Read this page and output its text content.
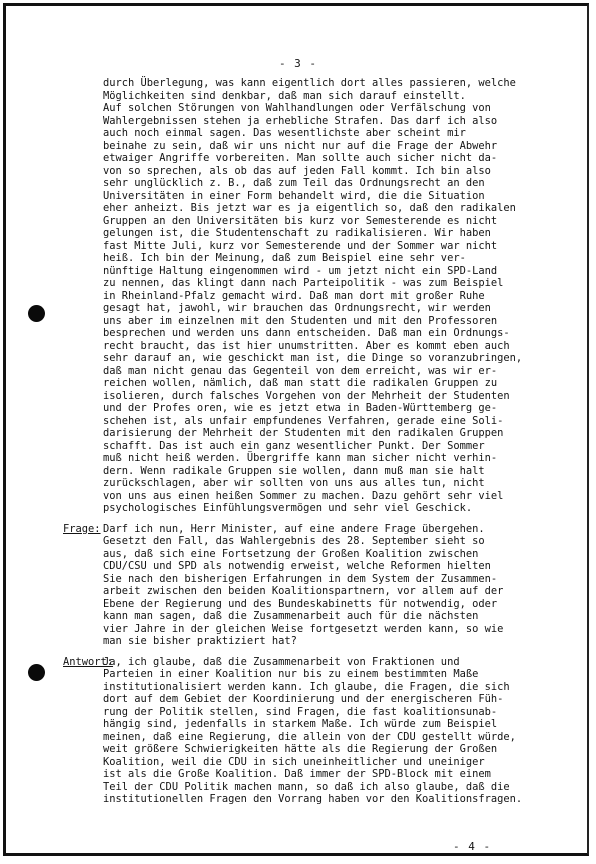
- 3 -
durch Überlegung, was kann eigentlich dort alles passieren, welche
Möglichkeiten sind denkbar, daß man sich darauf einstellt.
Auf solchen Störungen von Wahlhandlungen oder Verfälschung von
Wahlergebnissen stehen ja erhebliche Strafen. Das darf ich also
auch noch einmal sagen. Das wesentlichste aber scheint mir
beinahe zu sein, daß wir uns nicht nur auf die Frage der Abwehr
etwaiger Angriffe vorbereiten. Man sollte auch sicher nicht da-
von so sprechen, als ob das auf jeden Fall kommt. Ich bin also
sehr unglücklich z. B., daß zum Teil das Ordnungsrecht an den
Universitäten in einer Form behandelt wird, die die Situation
eher anheizt. Bis jetzt war es ja eigentlich so, daß den radikalen
Gruppen an den Universitäten bis kurz vor Semesterende es nicht
gelungen ist, die Studentenschaft zu radikalisieren. Wir haben
fast Mitte Juli, kurz vor Semesterende und der Sommer war nicht
heiß. Ich bin der Meinung, daß zum Beispiel eine sehr ver-
nünftige Haltung eingenommen wird - um jetzt nicht ein SPD-Land
zu nennen, das klingt dann nach Parteipolitik - was zum Beispiel
in Rheinland-Pfalz gemacht wird. Daß man dort mit großer Ruhe
gesagt hat, jawohl, wir brauchen das Ordnungsrecht, wir werden
uns aber im einzelnen mit den Studenten und mit den Professoren
besprechen und werden uns dann entscheiden. Daß man ein Ordnungs-
recht braucht, das ist hier unumstritten. Aber es kommt eben auch
sehr darauf an, wie geschickt man ist, die Dinge so voranzubringen,
daß man nicht genau das Gegenteil von dem erreicht, was wir er-
reichen wollen, nämlich, daß man statt die radikalen Gruppen zu
isolieren, durch falsches Vorgehen von der Mehrheit der Studenten
und der Profes oren, wie es jetzt etwa in Baden-Württemberg ge-
schehen ist, als unfair empfundenes Verfahren, gerade eine Soli-
darisierung der Mehrheit der Studenten mit den radikalen Gruppen
schafft. Das ist auch ein ganz wesentlicher Punkt. Der Sommer
muß nicht heiß werden. Übergriffe kann man sicher nicht verhin-
dern. Wenn radikale Gruppen sie wollen, dann muß man sie halt
zurückschlagen, aber wir sollten von uns aus alles tun, nicht
von uns aus einen heißen Sommer zu machen. Dazu gehört sehr viel
psychologisches Einfühlungsvermögen und sehr viel Geschick.
Frage: Darf ich nun, Herr Minister, auf eine andere Frage übergehen.
Gesetzt den Fall, das Wahlergebnis des 28. September sieht so
aus, daß sich eine Fortsetzung der Großen Koalition zwischen
CDU/CSU und SPD als notwendig erweist, welche Reformen hielten
Sie nach den bisherigen Erfahrungen in dem System der Zusammen-
arbeit zwischen den beiden Koalitionspartnern, vor allem auf der
Ebene der Regierung und des Bundeskabinetts für notwendig, oder
kann man sagen, daß die Zusammenarbeit auch für die nächsten
vier Jahre in der gleichen Weise fortgesetzt werden kann, so wie
man sie bisher praktiziert hat?
Antwort:
Ja, ich glaube, daß die Zusammenarbeit von Fraktionen und
Parteien in einer Koalition nur bis zu einem bestimmten Maße
institutionalisiert werden kann. Ich glaube, die Fragen, die sich
dort auf dem Gebiet der Koordinierung und der energischeren Füh-
rung der Politik stellen, sind Fragen, die fast koalitionsunab-
hängig sind, jedenfalls in starkem Maße. Ich würde zum Beispiel
meinen, daß eine Regierung, die allein von der CDU gestellt würde,
weit größere Schwierigkeiten hätte als die Regierung der Großen
Koalition, weil die CDU in sich uneinheitlicher und uneiniger
ist als die Große Koalition. Daß immer der SPD-Block mit einem
Teil der CDU Politik machen mann, so daß ich also glaube, daß die
institutionellen Fragen den Vorrang haben vor den Koalitionsfragen.
- 4 -
